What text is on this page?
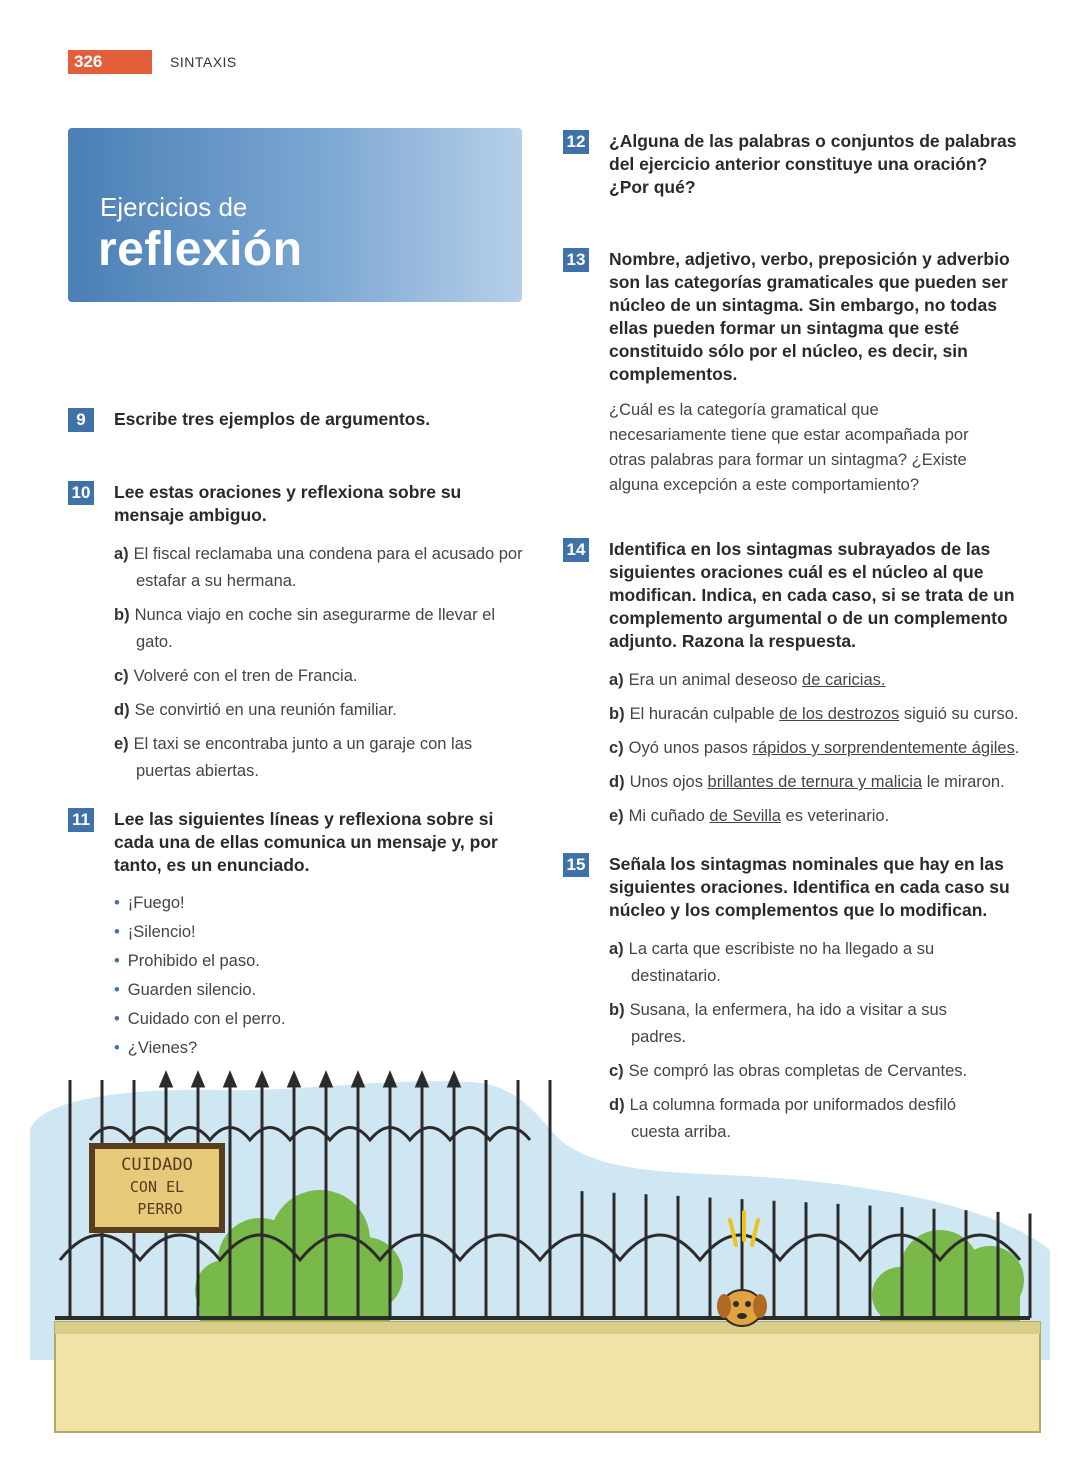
326	SINTAXIS
Ejercicios de
reflexión
9	Escribe tres ejemplos de argumentos.
10 Lee estas oraciones y reflexiona sobre su mensaje ambiguo.
a) El fiscal reclamaba una condena para el acusado por estafar a su hermana.
b) Nunca viajo en coche sin asegurarme de llevar el gato.
c) Volveré con el tren de Francia.
d) Se convirtió en una reunión familiar.
e) El taxi se encontraba junto a un garaje con las puertas abiertas.
11 Lee las siguientes líneas y reflexiona sobre si cada una de ellas comunica un mensaje y, por tanto, es un enunciado.
• ¡Fuego!
• ¡Silencio!
• Prohibido el paso.
• Guarden silencio.
• Cuidado con el perro.
• ¿Vienes?
12 ¿Alguna de las palabras o conjuntos de palabras del ejercicio anterior constituye una oración? ¿Por qué?
13 Nombre, adjetivo, verbo, preposición y adverbio son las categorías gramaticales que pueden ser núcleo de un sintagma. Sin embargo, no todas ellas pueden formar un sintagma que esté constituido sólo por el núcleo, es decir, sin complementos.
¿Cuál es la categoría gramatical que necesariamente tiene que estar acompañada por otras palabras para formar un sintagma? ¿Existe alguna excepción a este comportamiento?
14 Identifica en los sintagmas subrayados de las siguientes oraciones cuál es el núcleo al que modifican. Indica, en cada caso, si se trata de un complemento argumental o de un complemento adjunto. Razona la respuesta.
a) Era un animal deseoso de caricias.
b) El huracán culpable de los destrozos siguió su curso.
c) Oyó unos pasos rápidos y sorprendentemente ágiles.
d) Unos ojos brillantes de ternura y malicia le miraron.
e) Mi cuñado de Sevilla es veterinario.
15 Señala los sintagmas nominales que hay en las siguientes oraciones. Identifica en cada caso su núcleo y los complementos que lo modifican.
a) La carta que escribiste no ha llegado a su destinatario.
b) Susana, la enfermera, ha ido a visitar a sus padres.
c) Se compró las obras completas de Cervantes.
d) La columna formada por uniformados desfiló cuesta arriba.
CUIDADO
CON EL
PERRO
